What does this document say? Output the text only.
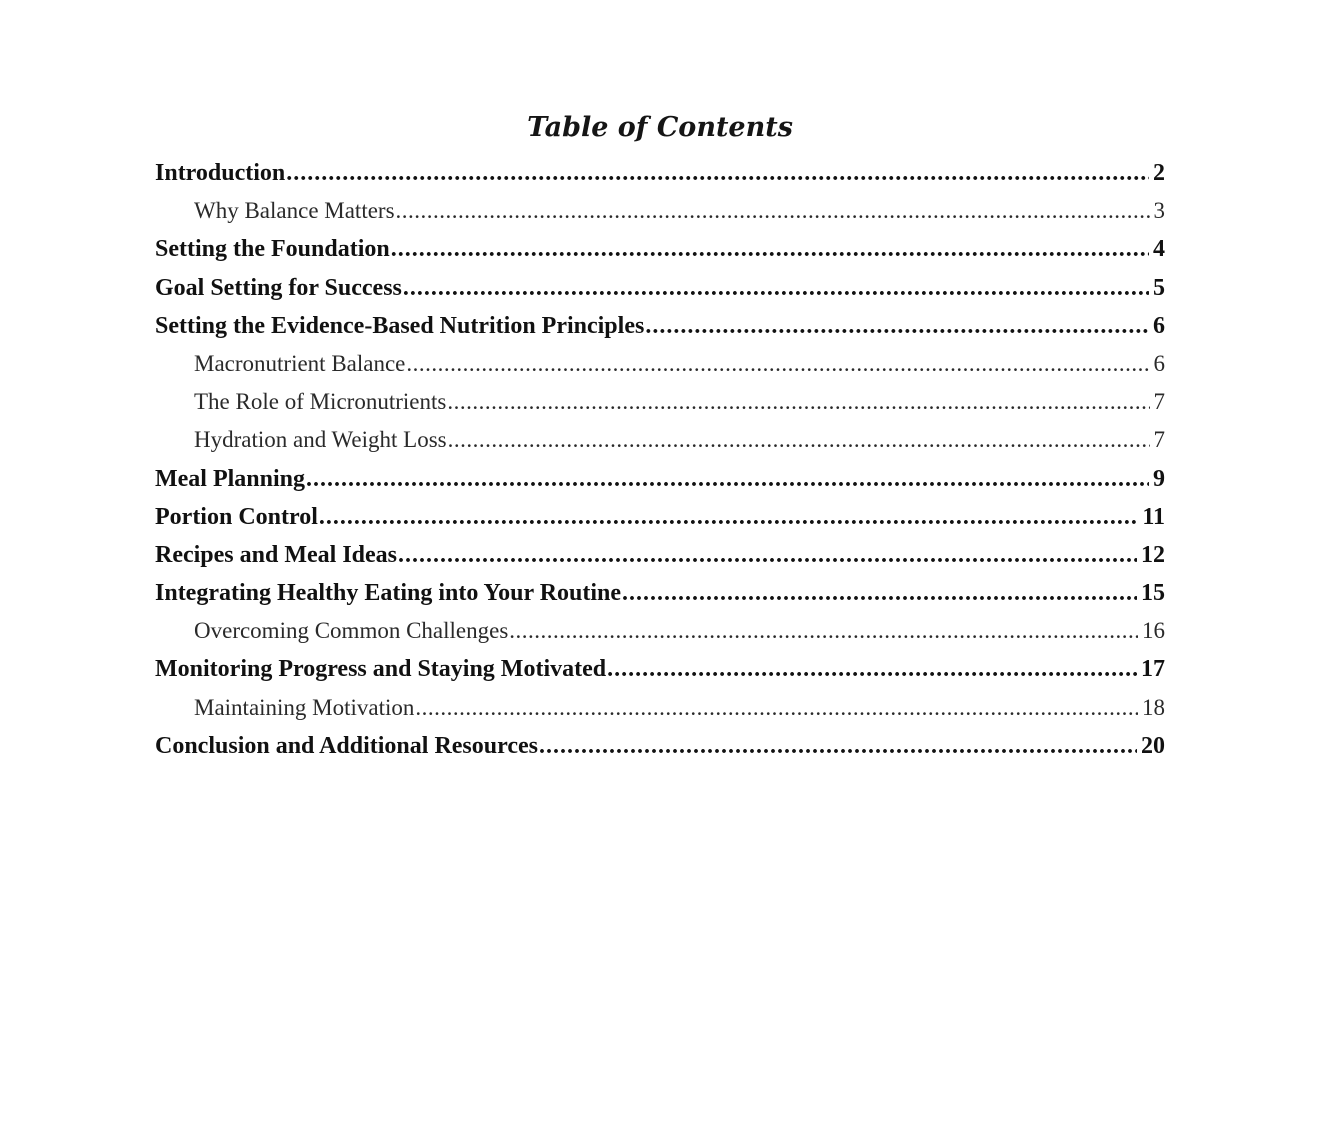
Table of Contents
Introduction .....	2
Why Balance Matters .....	3
Setting the Foundation .....	4
Goal Setting for Success .....	5
Setting the Evidence-Based Nutrition Principles .....	6
Macronutrient Balance .....	6
The Role of Micronutrients .....	7
Hydration and Weight Loss .....	7
Meal Planning .....	9
Portion Control .....	11
Recipes and Meal Ideas .....	12
Integrating Healthy Eating into Your Routine .....	15
Overcoming Common Challenges .....	16
Monitoring Progress and Staying Motivated .....	17
Maintaining Motivation .....	18
Conclusion and Additional Resources .....	20
